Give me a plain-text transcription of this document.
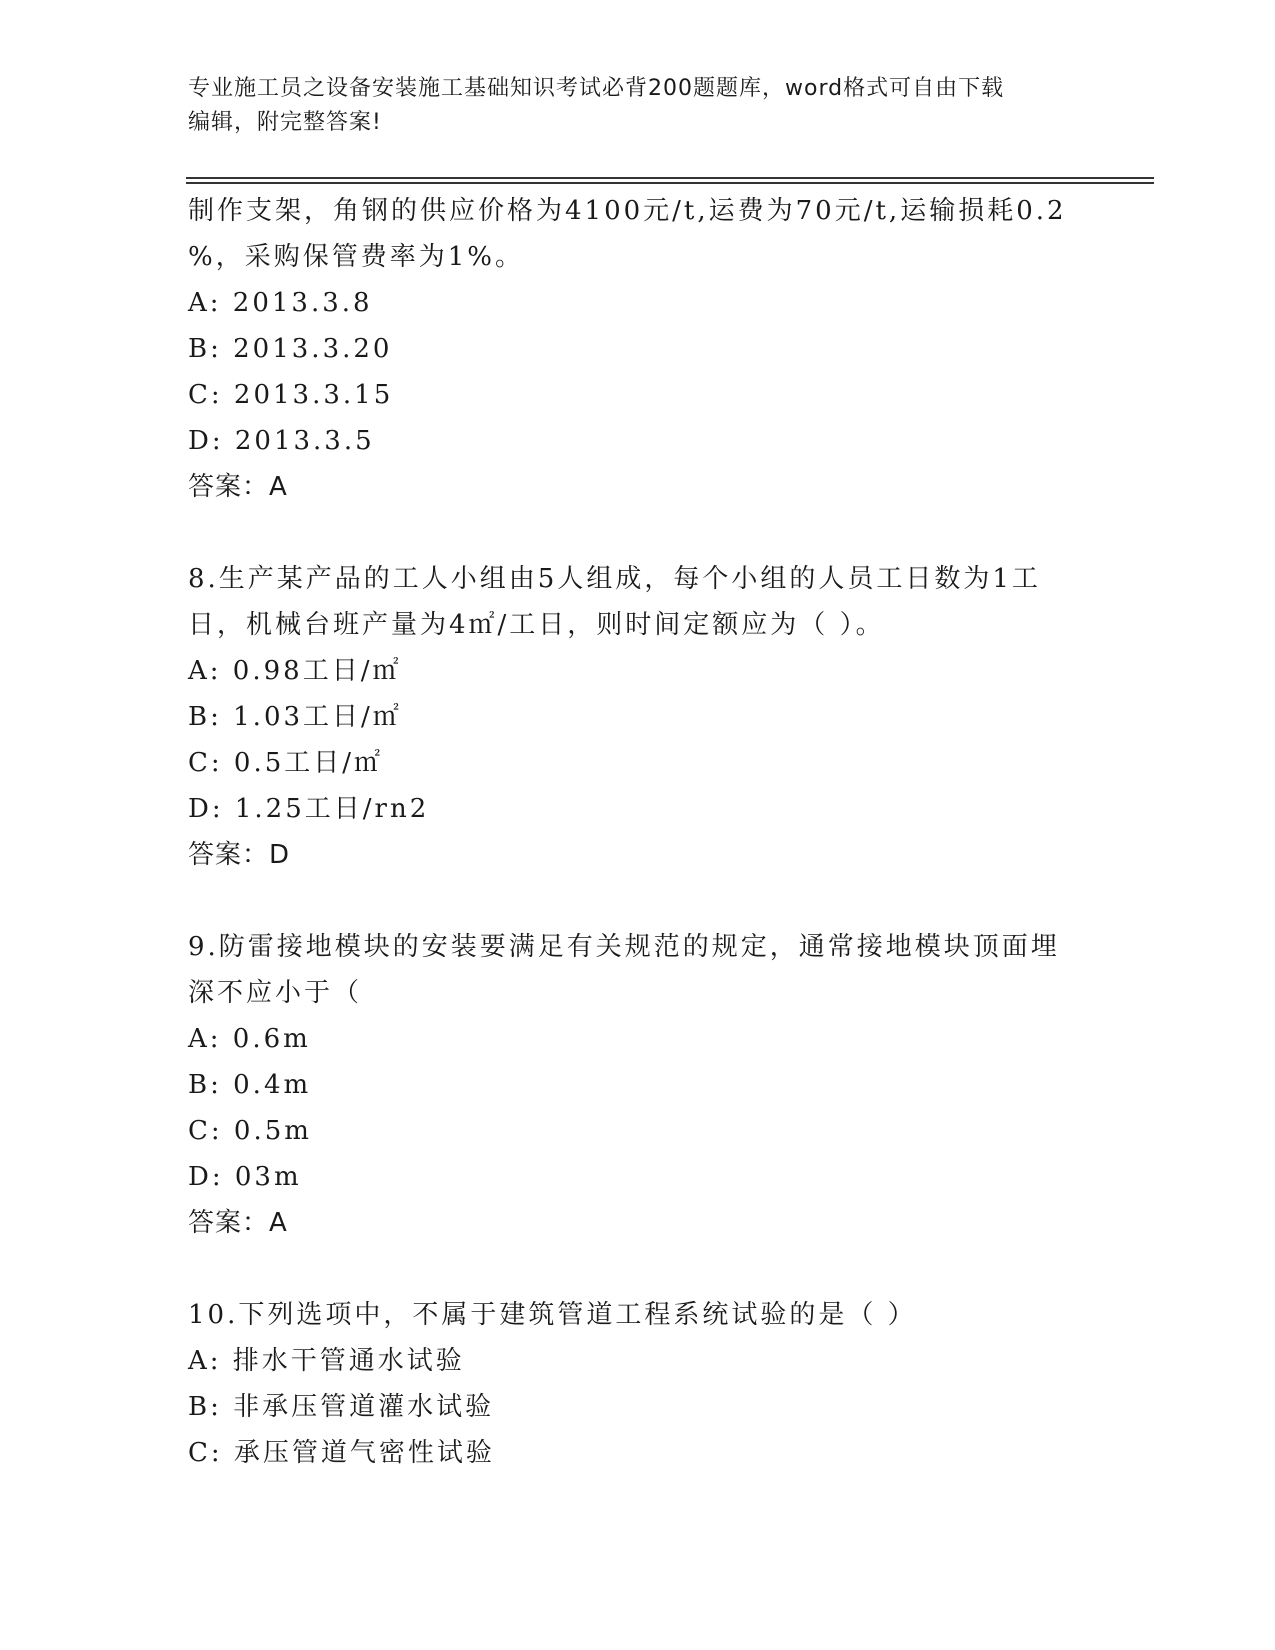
专业施工员之设备安装施工基础知识考试必背200题题库，word格式可自由下载
编辑，附完整答案!
制作支架，角钢的供应价格为4100元/t,运费为70元/t,运输损耗0.2
%，采购保管费率为1%。
A: 2013.3.8
B: 2013.3.20
C: 2013.3.15
D: 2013.3.5
答案：A
8.生产某产品的工人小组由5人组成，每个小组的人员工日数为1工
日，机械台班产量为4㎡/工日，则时间定额应为（ ）。
A: 0.98工日/㎡
B: 1.03工日/㎡
C: 0.5工日/㎡
D: 1.25工日/rn2
答案：D
9.防雷接地模块的安装要满足有关规范的规定，通常接地模块顶面埋
深不应小于（
A: 0.6m
B: 0.4m
C: 0.5m
D: 03m
答案：A
10.下列选项中，不属于建筑管道工程系统试验的是（ ）
A: 排水干管通水试验
B: 非承压管道灌水试验
C: 承压管道气密性试验
